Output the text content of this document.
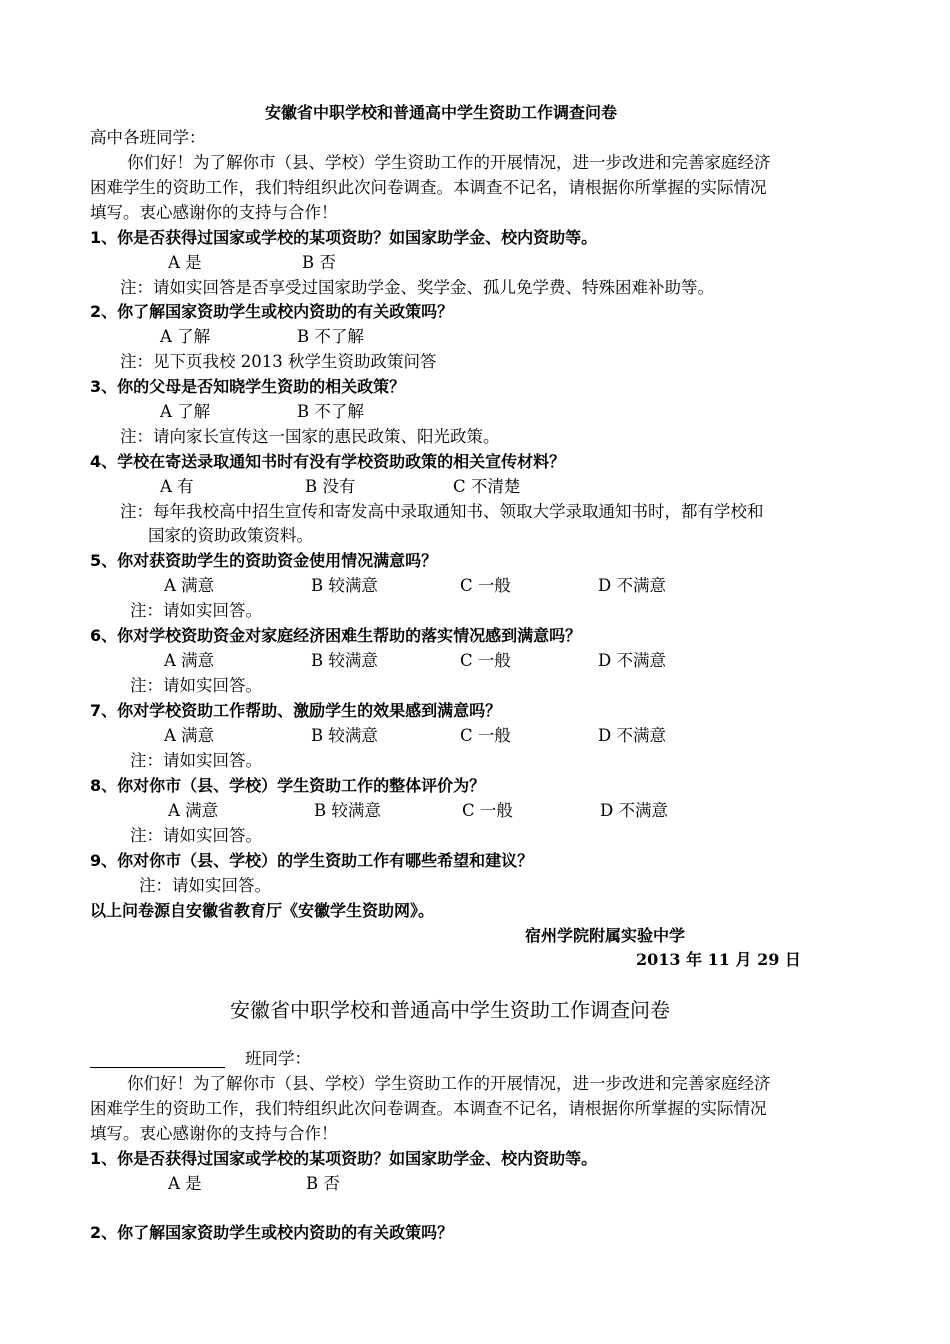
安徽省中职学校和普通高中学生资助工作调查问卷
高中各班同学：
你们好！为了解你市（县、学校）学生资助工作的开展情况，进一步改进和完善家庭经济
困难学生的资助工作，我们特组织此次问卷调查。本调查不记名，请根据你所掌握的实际情况
填写。衷心感谢你的支持与合作！
1、你是否获得过国家或学校的某项资助？如国家助学金、校内资助等。
A 是	B 否
注：请如实回答是否享受过国家助学金、奖学金、孤儿免学费、特殊困难补助等。
2、你了解国家资助学生或校内资助的有关政策吗？
A 了解	B 不了解
注：见下页我校 2013 秋学生资助政策问答
3、你的父母是否知晓学生资助的相关政策？
A 了解	B 不了解
注：请向家长宣传这一国家的惠民政策、阳光政策。
4、学校在寄送录取通知书时有没有学校资助政策的相关宣传材料？
A 有	B 没有	C 不清楚
注：每年我校高中招生宣传和寄发高中录取通知书、领取大学录取通知书时，都有学校和
国家的资助政策资料。
5、你对获资助学生的资助资金使用情况满意吗？
A 满意	B 较满意	C 一般	D 不满意
注：请如实回答。
6、你对学校资助资金对家庭经济困难生帮助的落实情况感到满意吗？
A 满意	B 较满意	C 一般	D 不满意
注：请如实回答。
7、你对学校资助工作帮助、激励学生的效果感到满意吗？
A 满意	B 较满意	C 一般	D 不满意
注：请如实回答。
8、你对你市（县、学校）学生资助工作的整体评价为？
A 满意	B 较满意	C 一般	D 不满意
注：请如实回答。
9、你对你市（县、学校）的学生资助工作有哪些希望和建议？
注：请如实回答。
以上问卷源自安徽省教育厅《安徽学生资助网》。
宿州学院附属实验中学
2013 年 11 月 29 日
安徽省中职学校和普通高中学生资助工作调查问卷
班同学：
你们好！为了解你市（县、学校）学生资助工作的开展情况，进一步改进和完善家庭经济
困难学生的资助工作，我们特组织此次问卷调查。本调查不记名，请根据你所掌握的实际情况
填写。衷心感谢你的支持与合作！
1、你是否获得过国家或学校的某项资助？如国家助学金、校内资助等。
A 是	B 否
2、你了解国家资助学生或校内资助的有关政策吗？
